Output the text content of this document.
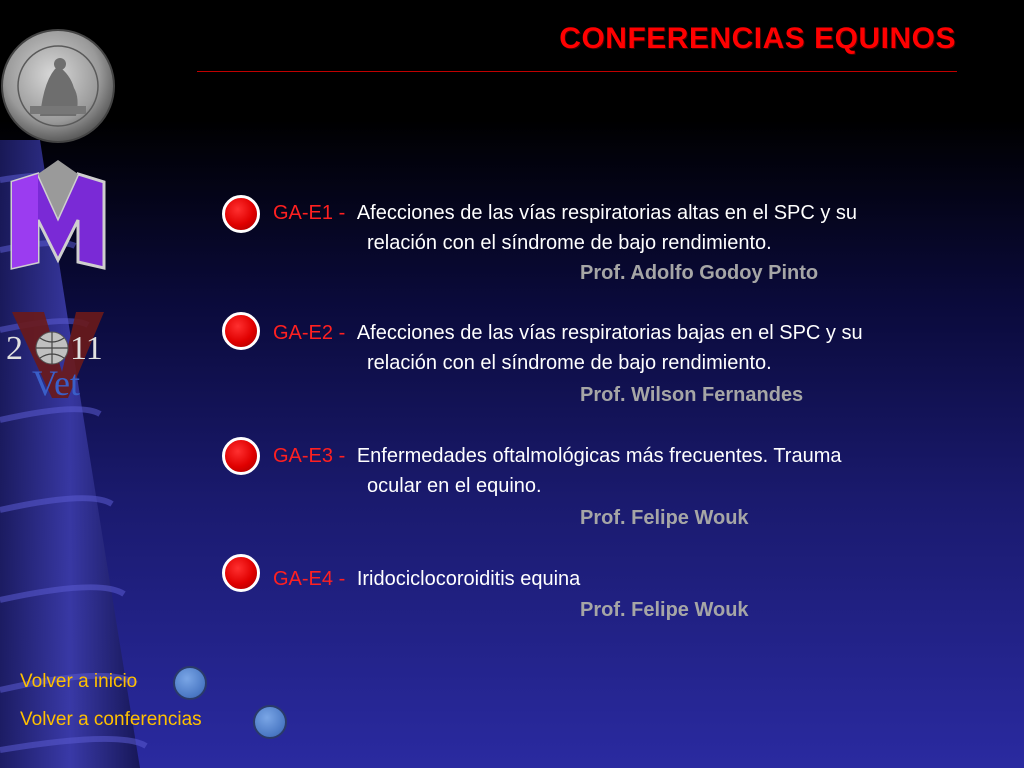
2 11
Vet
CONFERENCIAS EQUINOS
GA-E1 - Afecciones de las vías respiratorias altas en el SPC y su
relación con el síndrome de bajo rendimiento.
Prof. Adolfo Godoy Pinto
GA-E2 - Afecciones de las vías respiratorias bajas en el SPC y su
relación con el síndrome de bajo rendimiento.
Prof. Wilson Fernandes
GA-E3 - Enfermedades oftalmológicas más frecuentes. Trauma
ocular en el equino.
Prof. Felipe Wouk
GA-E4 - Iridociclocoroiditis equina
Prof. Felipe Wouk
Volver a inicio
Volver a conferencias
